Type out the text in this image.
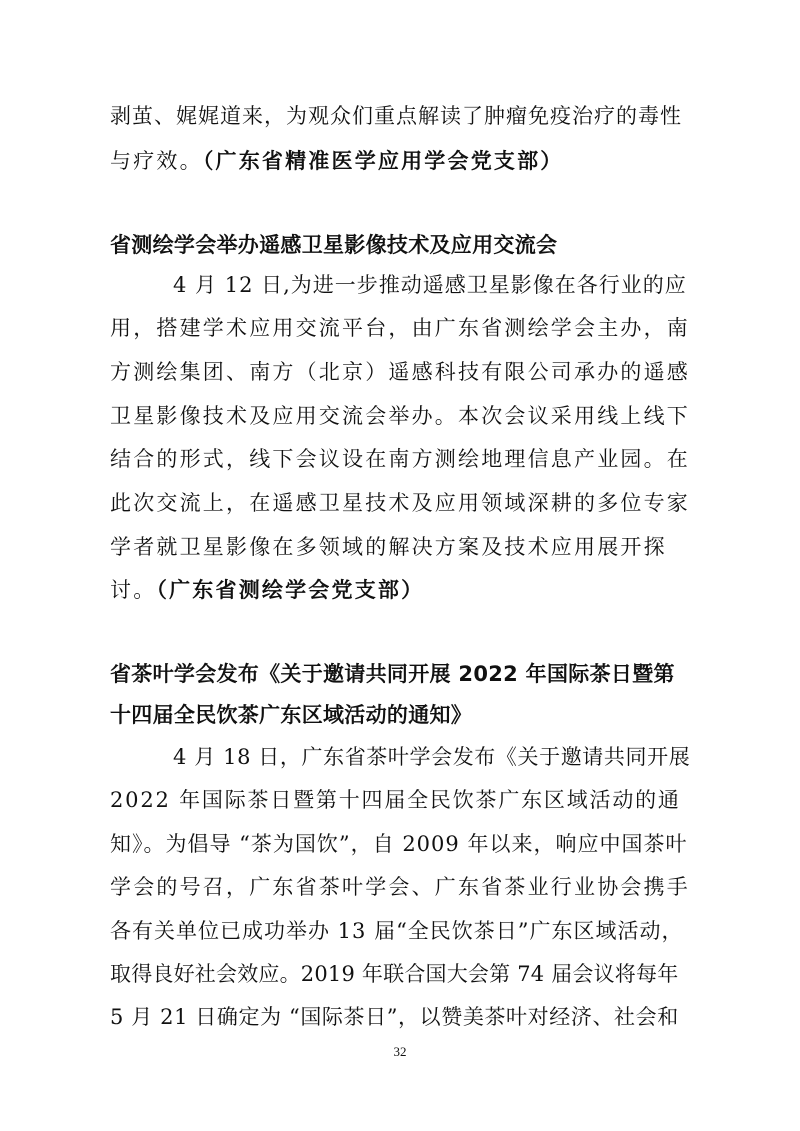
剥茧、娓娓道来，为观众们重点解读了肿瘤免疫治疗的毒性
与疗效。（广东省精准医学应用学会党支部）
省测绘学会举办遥感卫星影像技术及应用交流会
4 月 12 日,为进一步推动遥感卫星影像在各行业的应
用，搭建学术应用交流平台，由广东省测绘学会主办，南
方测绘集团、南方（北京）遥感科技有限公司承办的遥感
卫星影像技术及应用交流会举办。本次会议采用线上线下
结合的形式，线下会议设在南方测绘地理信息产业园。在
此次交流上，在遥感卫星技术及应用领域深耕的多位专家
学者就卫星影像在多领域的解决方案及技术应用展开探
讨。（广东省测绘学会党支部）
省茶叶学会发布《关于邀请共同开展 2022 年国际茶日暨第
十四届全民饮茶广东区域活动的通知》
4 月 18 日，广东省茶叶学会发布《关于邀请共同开展
2022 年国际茶日暨第十四届全民饮茶广东区域活动的通
知》。为倡导 “茶为国饮”，自 2009 年以来，响应中国茶叶
学会的号召，广东省茶叶学会、广东省茶业行业协会携手
各有关单位已成功举办 13 届“全民饮茶日”广东区域活动，
取得良好社会效应。2019 年联合国大会第 74 届会议将每年
5 月 21 日确定为 “国际茶日”，以赞美茶叶对经济、社会和
32
